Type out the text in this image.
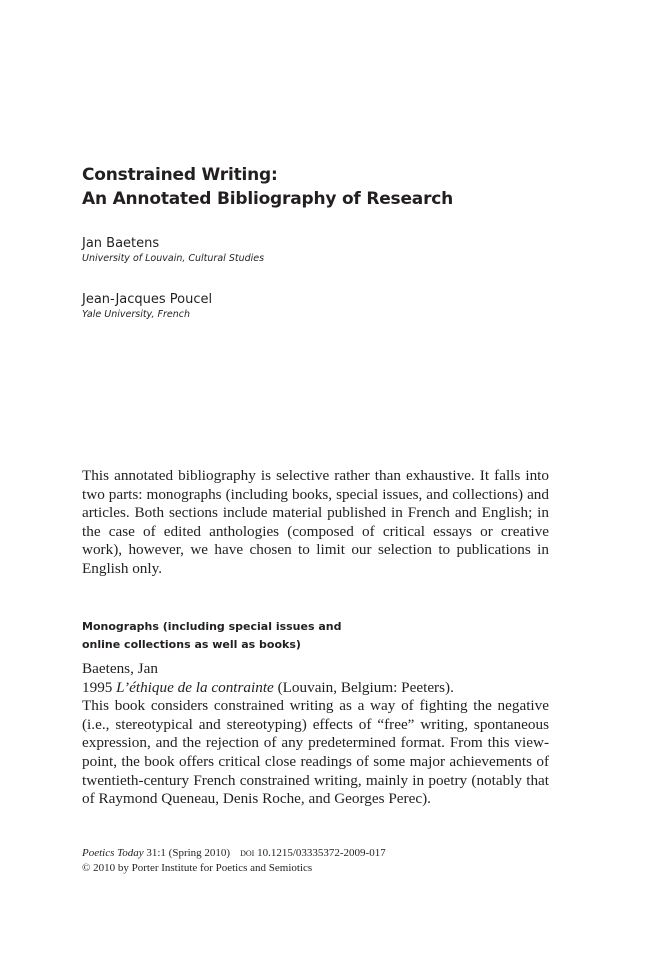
Constrained Writing:
An Annotated Bibliography of Research
Jan Baetens
University of Louvain, Cultural Studies
Jean-Jacques Poucel
Yale University, French

This annotated bibliography is selective rather than exhaustive. It falls into two parts: monographs (including books, special issues, and collections) and articles. Both sections include material published in French and English; in the case of edited anthologies (composed of critical essays or creative work), however, we have chosen to limit our selection to publications in English only.

Monographs (including special issues and
online collections as well as books)
Baetens, Jan
1995 L’éthique de la contrainte (Louvain, Belgium: Peeters).

This book considers constrained writing as a way of fighting the negative (i.e., stereotypical and stereotyping) effects of “free” writing, spontaneous expression, and the rejection of any predetermined format. From this viewpoint, the book offers critical close readings of some major achievements of twentieth-century French constrained writing, mainly in poetry (notably that of Raymond Queneau, Denis Roche, and Georges Perec).

Poetics Today 31:1 (Spring 2010) doi 10.1215/03335372-2009-017
© 2010 by Porter Institute for Poetics and Semiotics
